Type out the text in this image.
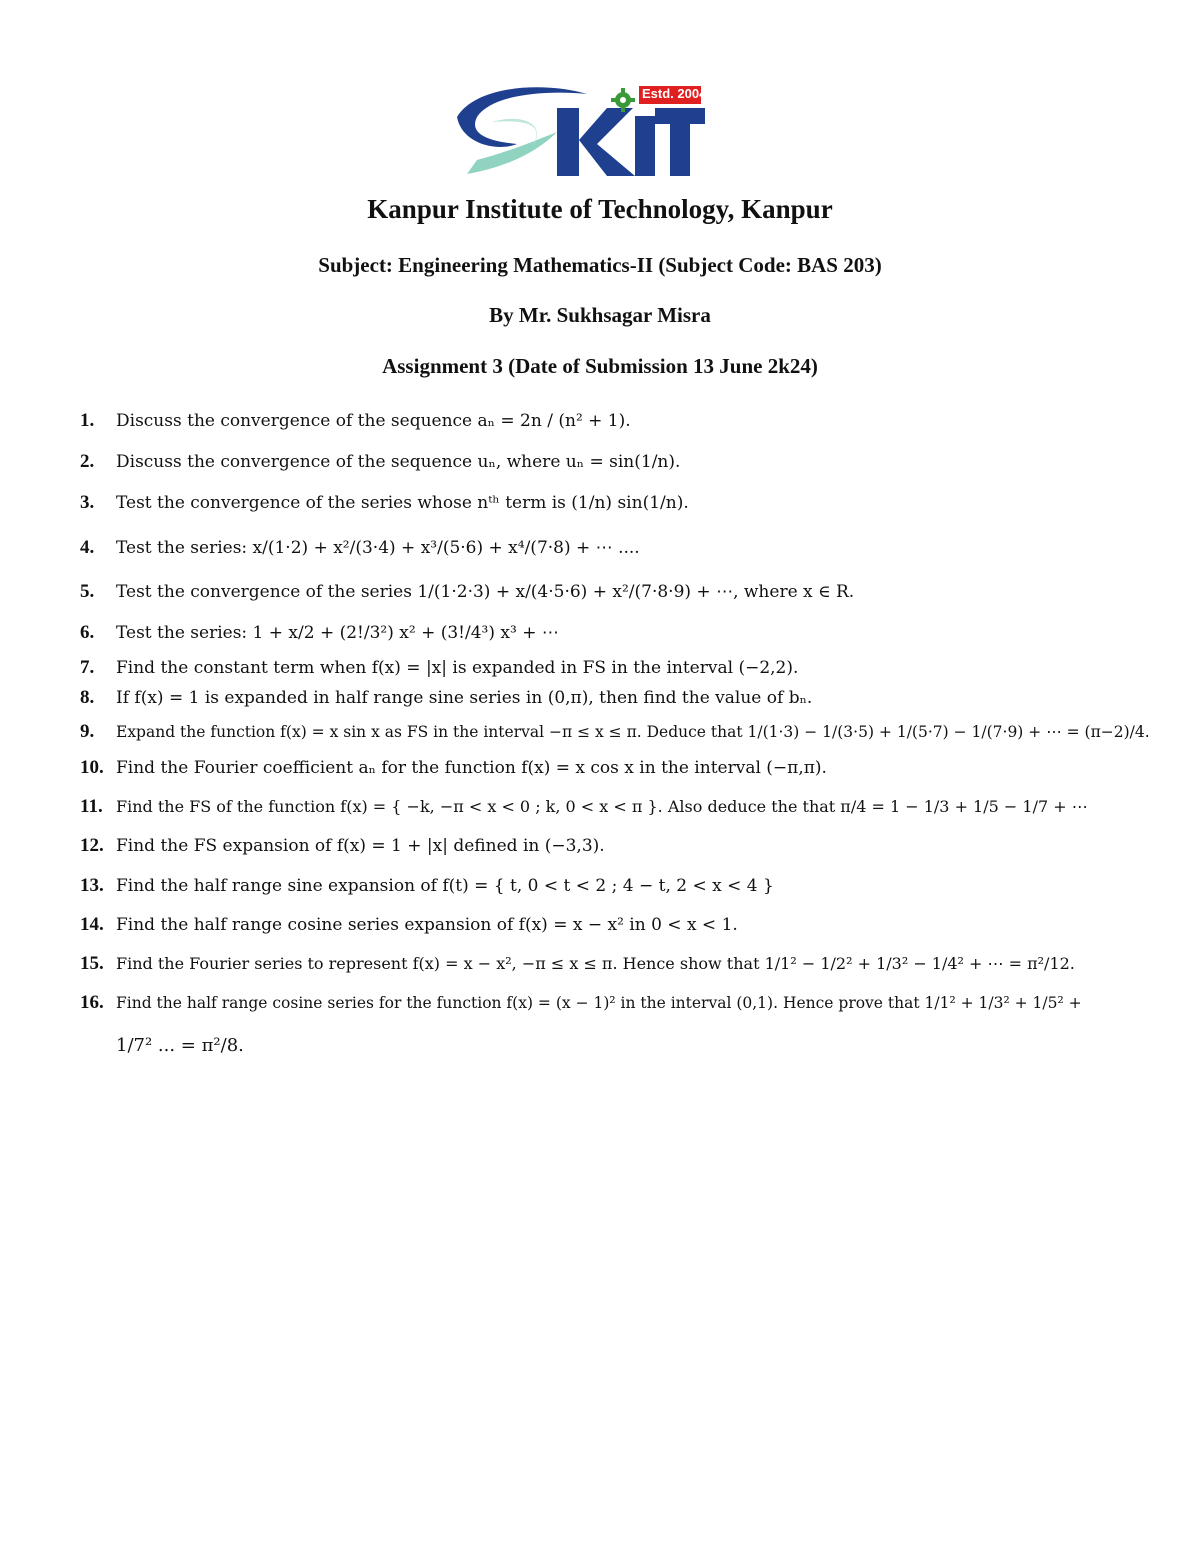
Estd. 2004
Kanpur Institute of Technology, Kanpur
Subject: Engineering Mathematics-II (Subject Code: BAS 203)
By Mr. Sukhsagar Misra
Assignment 3 (Date of Submission 13 June 2k24)
1. Discuss the convergence of the sequence aₙ = 2n / (n² + 1).
2. Discuss the convergence of the sequence uₙ, where uₙ = sin(1/n).
3. Test the convergence of the series whose nᵗʰ term is (1/n) sin(1/n).
4. Test the series: x/(1·2) + x²/(3·4) + x³/(5·6) + x⁴/(7·8) + ⋯ ....
5. Test the convergence of the series 1/(1·2·3) + x/(4·5·6) + x²/(7·8·9) + ⋯, where x ∈ R.
6. Test the series: 1 + x/2 + (2!/3²) x² + (3!/4³) x³ + ⋯
7. Find the constant term when f(x) = |x| is expanded in FS in the interval (−2,2).
8. If f(x) = 1 is expanded in half range sine series in (0,π), then find the value of bₙ.
9. Expand the function f(x) = x sin x as FS in the interval −π ≤ x ≤ π. Deduce that 1/(1·3) − 1/(3·5) + 1/(5·7) − 1/(7·9) + ⋯ = (π−2)/4.
10. Find the Fourier coefficient aₙ for the function f(x) = x cos x in the interval (−π,π).
11. Find the FS of the function f(x) = { −k, −π < x < 0 ; k, 0 < x < π }. Also deduce the that π/4 = 1 − 1/3 + 1/5 − 1/7 + ⋯
12. Find the FS expansion of f(x) = 1 + |x| defined in (−3,3).
13. Find the half range sine expansion of f(t) = { t, 0 < t < 2 ; 4 − t, 2 < x < 4 }
14. Find the half range cosine series expansion of f(x) = x − x² in 0 < x < 1.
15. Find the Fourier series to represent f(x) = x − x², −π ≤ x ≤ π. Hence show that 1/1² − 1/2² + 1/3² − 1/4² + ⋯ = π²/12.
16. Find the half range cosine series for the function f(x) = (x − 1)² in the interval (0,1). Hence prove that 1/1² + 1/3² + 1/5² +
1/7² ... = π²/8.
